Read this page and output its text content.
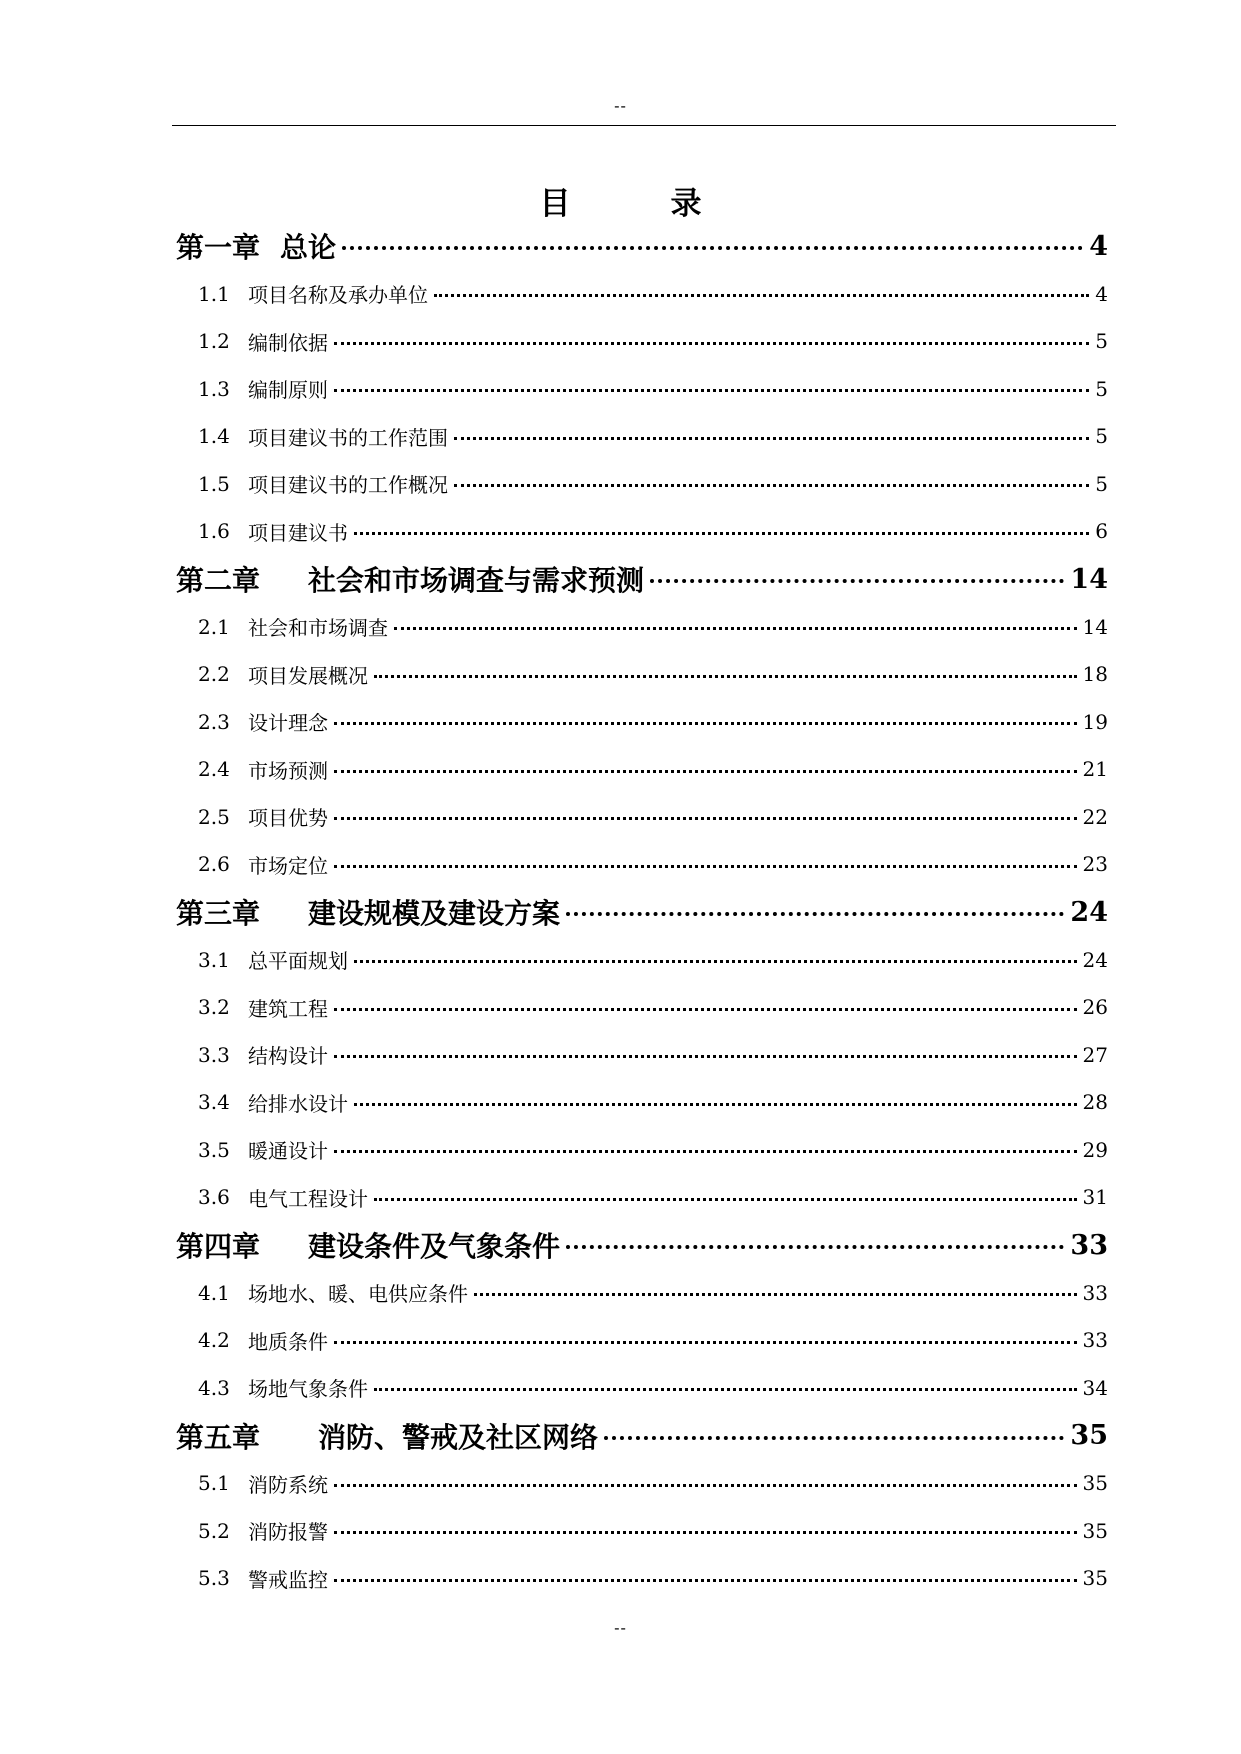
--
目	录
第一章 总论	4
1.1 项目名称及承办单位	4
1.2 编制依据	5
1.3 编制原则	5
1.4 项目建议书的工作范围	5
1.5 项目建议书的工作概况	5
1.6 项目建议书	6
第二章 社会和市场调查与需求预测	14
2.1 社会和市场调查	14
2.2 项目发展概况	18
2.3 设计理念	19
2.4 市场预测	21
2.5 项目优势	22
2.6 市场定位	23
第三章 建设规模及建设方案	24
3.1 总平面规划	24
3.2 建筑工程	26
3.3 结构设计	27
3.4 给排水设计	28
3.5 暖通设计	29
3.6 电气工程设计	31
第四章 建设条件及气象条件	33
4.1 场地水、暖、电供应条件	33
4.2 地质条件	33
4.3 场地气象条件	34
第五章 消防、警戒及社区网络	35
5.1 消防系统	35
5.2 消防报警	35
5.3 警戒监控	35
--
